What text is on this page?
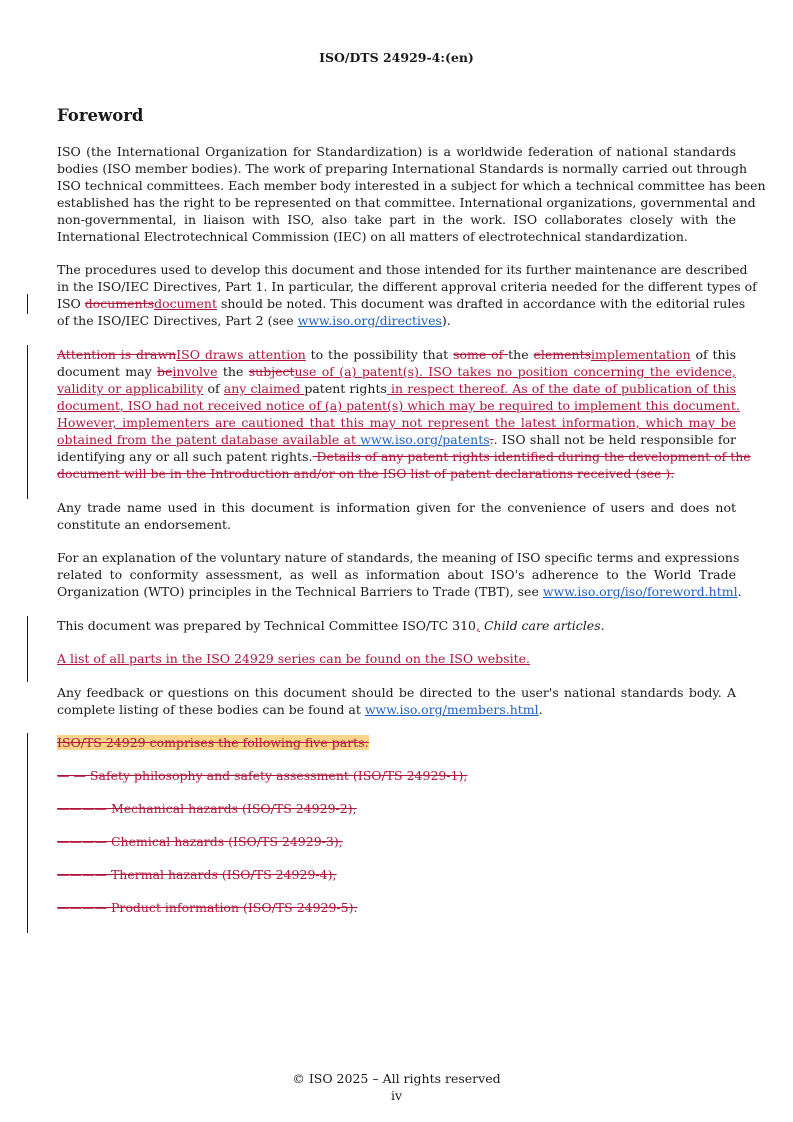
ISO/DTS 24929-4:(en)
Foreword
ISO (the International Organization for Standardization) is a worldwide federation of national standards
bodies (ISO member bodies). The work of preparing International Standards is normally carried out through
ISO technical committees. Each member body interested in a subject for which a technical committee has been
established has the right to be represented on that committee. International organizations, governmental and
non-governmental, in liaison with ISO, also take part in the work. ISO collaborates closely with the
International Electrotechnical Commission (IEC) on all matters of electrotechnical standardization.
The procedures used to develop this document and those intended for its further maintenance are described
in the ISO/IEC Directives, Part 1. In particular, the different approval criteria needed for the different types of
ISO documentsdocument should be noted. This document was drafted in accordance with the editorial rules
of the ISO/IEC Directives, Part 2 (see www.iso.org/directives).
Attention is drawnISO draws attention to the possibility that some of the elementsimplementation of this
document may beinvolve the subjectuse of (a) patent(s). ISO takes no position concerning the evidence,
validity or applicability of any claimed patent rights in respect thereof. As of the date of publication of this
document, ISO had not received notice of (a) patent(s) which may be required to implement this document.
However, implementers are cautioned that this may not represent the latest information, which may be
obtained from the patent database available at www.iso.org/patents.. ISO shall not be held responsible for
identifying any or all such patent rights. Details of any patent rights identified during the development of the
document will be in the Introduction and/or on the ISO list of patent declarations received (see ).
Any trade name used in this document is information given for the convenience of users and does not
constitute an endorsement.
For an explanation of the voluntary nature of standards, the meaning of ISO specific terms and expressions
related to conformity assessment, as well as information about ISO's adherence to the World Trade
Organization (WTO) principles in the Technical Barriers to Trade (TBT), see www.iso.org/iso/foreword.html.
This document was prepared by Technical Committee ISO/TC 310, Child care articles.
A list of all parts in the ISO 24929 series can be found on the ISO website.
Any feedback or questions on this document should be directed to the user's national standards body. A
complete listing of these bodies can be found at www.iso.org/members.html.
ISO/TS 24929 comprises the following five parts:
— — Safety philosophy and safety assessment (ISO/TS 24929-1);
———— Mechanical hazards (ISO/TS 24929-2);
———— Chemical hazards (ISO/TS 24929-3);
———— Thermal hazards (ISO/TS 24929-4);
———— Product information (ISO/TS 24929-5).
© ISO 2025 – All rights reserved
iv
